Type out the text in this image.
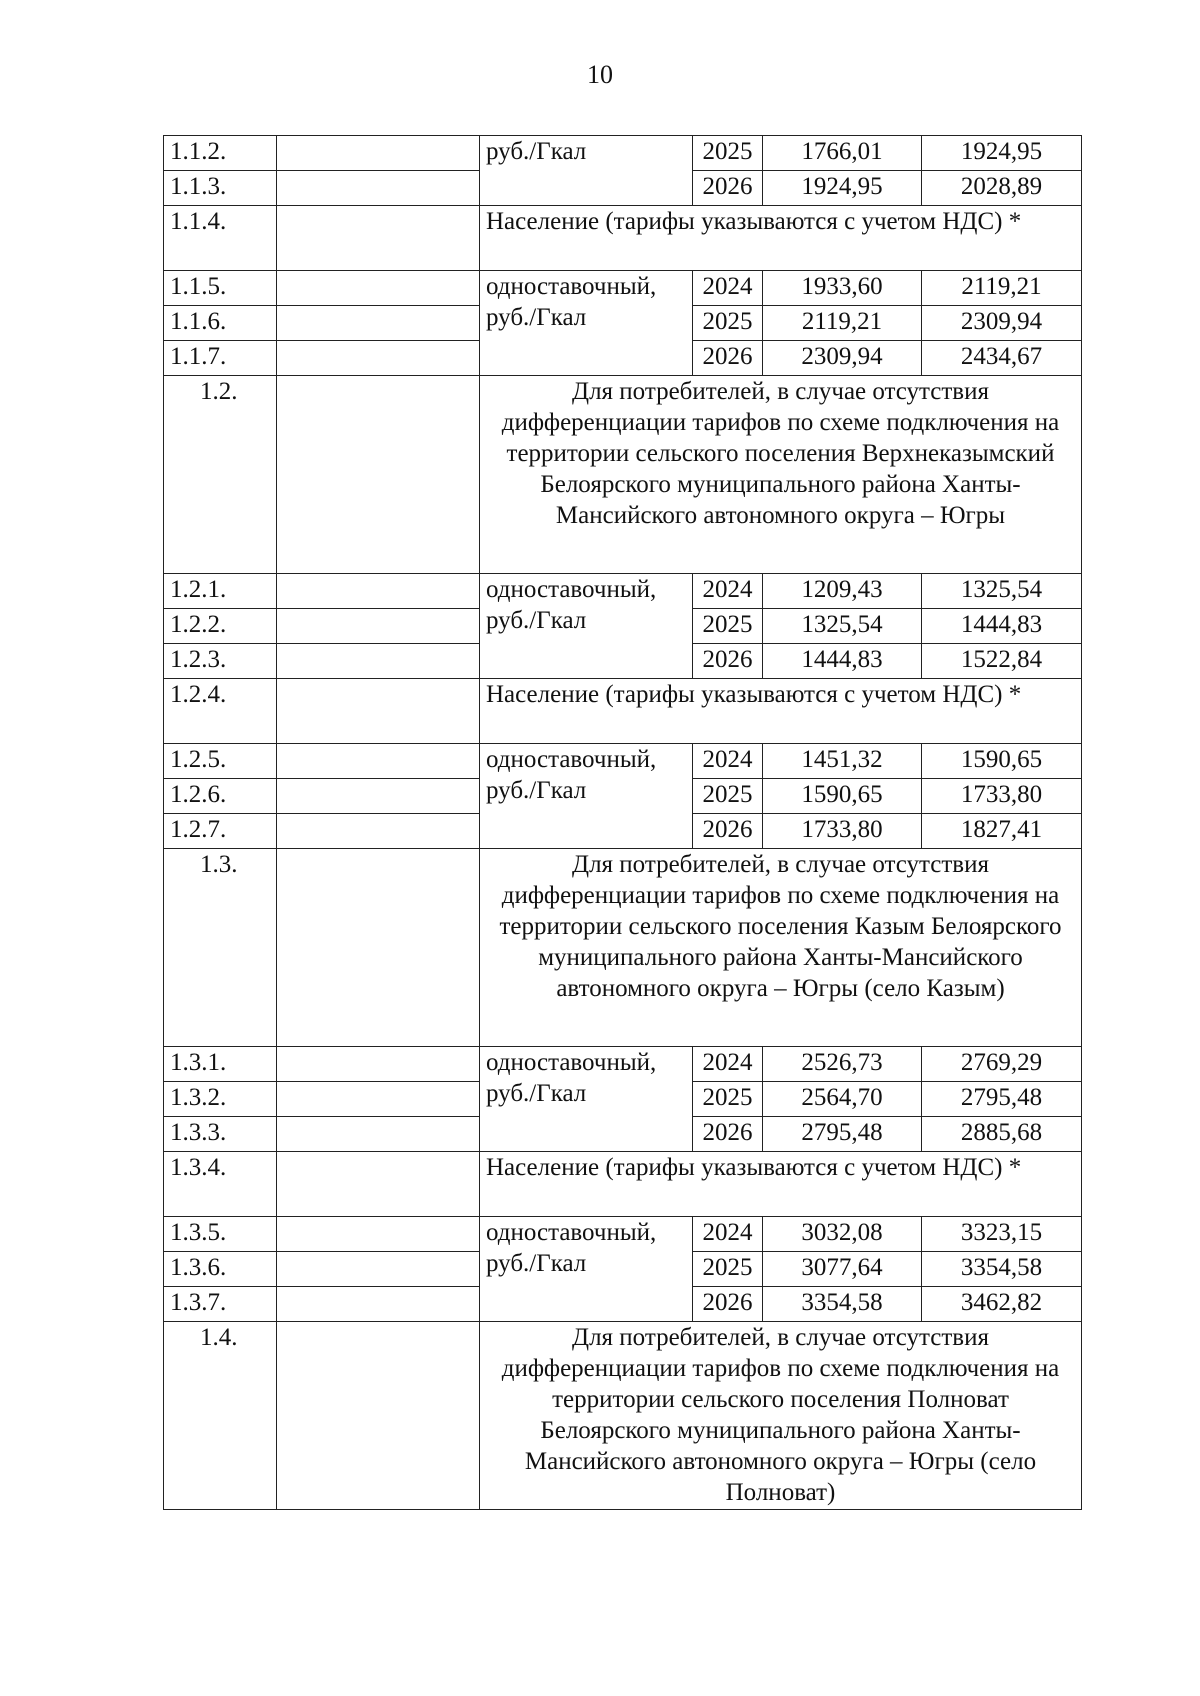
10
1.1.2.		руб./Гкал	2025	1766,01	1924,95
1.1.3.			2026	1924,95	2028,89
1.1.4.		Население (тарифы указываются с учетом НДС) *			
1.1.5.		одноставочный, руб./Гкал	2024	1933,60	2119,21
1.1.6.			2025	2119,21	2309,94
1.1.7.			2026	2309,94	2434,67
1.2.		Для потребителей, в случае отсутствия дифференциации тарифов по схеме подключения на территории сельского поселения Верхнеказымский Белоярского муниципального района Ханты-Мансийского автономного округа – Югры			
1.2.1.		одноставочный, руб./Гкал	2024	1209,43	1325,54
1.2.2.			2025	1325,54	1444,83
1.2.3.			2026	1444,83	1522,84
1.2.4.		Население (тарифы указываются с учетом НДС) *			
1.2.5.		одноставочный, руб./Гкал	2024	1451,32	1590,65
1.2.6.			2025	1590,65	1733,80
1.2.7.			2026	1733,80	1827,41
1.3.		Для потребителей, в случае отсутствия дифференциации тарифов по схеме подключения на территории сельского поселения Казым Белоярского муниципального района Ханты-Мансийского автономного округа – Югры (село Казым)			
1.3.1.		одноставочный, руб./Гкал	2024	2526,73	2769,29
1.3.2.			2025	2564,70	2795,48
1.3.3.			2026	2795,48	2885,68
1.3.4.		Население (тарифы указываются с учетом НДС) *			
1.3.5.		одноставочный, руб./Гкал	2024	3032,08	3323,15
1.3.6.			2025	3077,64	3354,58
1.3.7.			2026	3354,58	3462,82
1.4.		Для потребителей, в случае отсутствия дифференциации тарифов по схеме подключения на территории сельского поселения Полноват Белоярского муниципального района Ханты-Мансийского автономного округа – Югры (село Полноват)			
